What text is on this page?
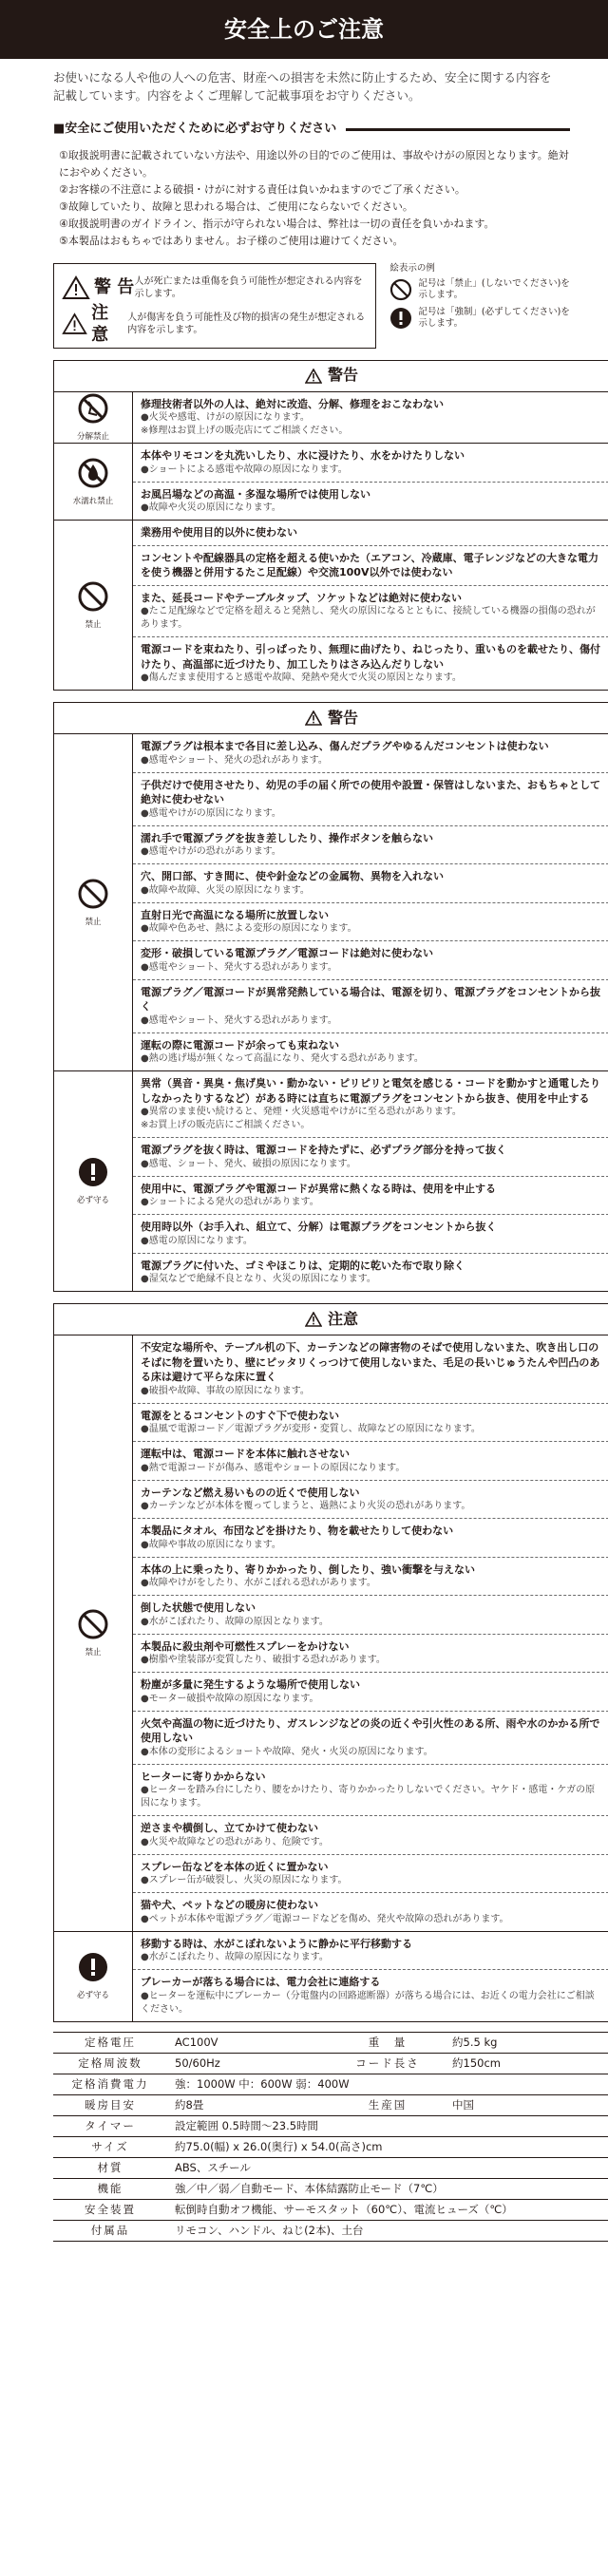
安全上のご注意
お使いになる人や他の人への危害、財産への損害を未然に防止するため、安全に関する内容を記載しています。内容をよくご理解して記載事項をお守りください。
■安全にご使用いただくために必ずお守りください
①取扱説明書に記載されていない方法や、用途以外の目的でのご使用は、事故やけがの原因となります。絶対におやめください。
②お客様の不注意による破損・けがに対する責任は負いかねますのでご了承ください。
③故障していたり、故障と思われる場合は、ご使用にならないでください。
④取扱説明書のガイドライン、指示が守られない場合は、弊社は一切の責任を負いかねます。
⑤本製品はおもちゃではありません。お子様のご使用は避けてください。
警 告 人が死亡または重傷を負う可能性が想定される内容を示します。
注 意
人が傷害を負う可能性及び物的損害の発生が想定される内容を示します。
絵表示の例
記号は「禁止」(しないでください)を示します。
記号は「強制」(必ずしてください)を示します。
警告
分解禁止
修理技術者以外の人は、絶対に改造、分解、修理をおこなわない
●火災や感電、けがの原因になります。
※修理はお買上げの販売店にてご相談ください。
水濡れ禁止
本体やリモコンを丸洗いしたり、水に浸けたり、水をかけたりしない
●ショートによる感電や故障の原因になります。
お風呂場などの高温・多湿な場所では使用しない
●故障や火災の原因になります。
禁止
業務用や使用目的以外に使わない
コンセントや配線器具の定格を超える使いかた（エアコン、冷蔵庫、電子レンジなどの大きな電力を使う機器と併用するたこ足配線）や交流100V以外では使わない
また、延長コードやテーブルタップ、ソケットなどは絶対に使わない
●たこ足配線などで定格を超えると発熱し、発火の原因になるとともに、接続している機器の損傷の恐れがあります。
電源コードを束ねたり、引っぱったり、無理に曲げたり、ねじったり、重いものを載せたり、傷付けたり、高温部に近づけたり、加工したりはさみ込んだりしない
●傷んだまま使用すると感電や故障、発熱や発火で火災の原因となります。
警告
禁止
電源プラグは根本まで各目に差し込み、傷んだプラグやゆるんだコンセントは使わない
●感電やショート、発火の恐れがあります。
子供だけで使用させたり、幼児の手の届く所での使用や設置・保管はしないまた、おもちゃとして絶対に使わせない
●感電やけがの原因になります。
濡れ手で電源プラグを抜き差ししたり、操作ボタンを触らない
●感電やけがの恐れがあります。
穴、開口部、すき間に、使や針金などの金属物、異物を入れない
●故障や故障、火災の原因になります。
直射日光で高温になる場所に放置しない
●故障や色あせ、熱による変形の原因になります。
変形・破損している電源プラグ／電源コードは絶対に使わない
●感電やショート、発火する恐れがあります。
電源プラグ／電源コードが異常発熱している場合は、電源を切り、電源プラグをコンセントから抜く
●感電やショート、発火する恐れがあります。
運転の際に電源コードが余っても束ねない
●熱の逃げ場が無くなって高温になり、発火する恐れがあります。
必ず守る
異常（異音・異臭・焦げ臭い・動かない・ピリピリと電気を感じる・コードを動かすと通電したりしなかったりするなど）がある時には直ちに電源プラグをコンセントから抜き、使用を中止する
●異常のまま使い続けると、発煙・火災感電やけがに至る恐れがあります。
※お買上げの販売店にご相談ください。
電源プラグを抜く時は、電源コードを持たずに、必ずプラグ部分を持って抜く
●感電、ショート、発火、破損の原因になります。
使用中に、電源プラグや電源コードが異常に熱くなる時は、使用を中止する
●ショートによる発火の恐れがあります。
使用時以外（お手入れ、組立て、分解）は電源プラグをコンセントから抜く
●感電の原因になります。
電源プラグに付いた、ゴミやほこりは、定期的に乾いた布で取り除く
●湿気などで絶縁不良となり、火災の原因になります。
注意
禁止
不安定な場所や、テーブル机の下、カーテンなどの障害物のそばで使用しないまた、吹き出し口のそばに物を置いたり、壁にピッタリくっつけて使用しないまた、毛足の長いじゅうたんや凹凸のある床は避けて平らな床に置く
●破損や故障、事故の原因になります。
電源をとるコンセントのすぐ下で使わない
●温風で電源コード／電源プラグが変形・変質し、故障などの原因になります。
運転中は、電源コードを本体に触れさせない
●熱で電源コードが傷み、感電やショートの原因になります。
カーテンなど燃え易いものの近くで使用しない
●カーテンなどが本体を覆ってしまうと、過熱により火災の恐れがあります。
本製品にタオル、布団などを掛けたり、物を載せたりして使わない
●故障や事故の原因になります。
本体の上に乗ったり、寄りかかったり、倒したり、強い衝撃を与えない
●故障やけがをしたり、水がこぼれる恐れがあります。
倒した状態で使用しない
●水がこぼれたり、故障の原因となります。
本製品に殺虫剤や可燃性スプレーをかけない
●樹脂や塗装部が変質したり、破損する恐れがあります。
粉塵が多量に発生するような場所で使用しない
●モーター破損や故障の原因になります。
火気や高温の物に近づけたり、ガスレンジなどの炎の近くや引火性のある所、雨や水のかかる所で使用しない
●本体の変形によるショートや故障、発火・火災の原因になります。
ヒーターに寄りかからない
●ヒーターを踏み台にしたり、腰をかけたり、寄りかかったりしないでください。ヤケド・感電・ケガの原因になります。
逆さまや横倒し、立てかけて使わない
●火災や故障などの恐れがあり、危険です。
スプレー缶などを本体の近くに置かない
●スプレー缶が破裂し、火災の原因になります。
猫や犬、ペットなどの暖房に使わない
●ペットが本体や電源プラグ／電源コードなどを傷め、発火や故障の恐れがあります。
必ず守る
移動する時は、水がこぼれないように静かに平行移動する
●水がこぼれたり、故障の原因になります。
ブレーカーが落ちる場合には、電力会社に連絡する
●ヒーターを運転中にブレーカー（分電盤内の回路遮断器）が落ちる場合には、お近くの電力会社にご相談ください。
定格電圧	AC100V	重　量	約5.5 kg
定格周波数	50/60Hz	コード長さ	約150cm
定格消費電力	強：1000W 中：600W 弱：400W
暖房目安	約8畳	生産国	中国
タイマー	設定範囲 0.5時間〜23.5時間
サイズ	約75.0(幅) x 26.0(奥行) x 54.0(高さ)cm
材質	ABS、スチール
機能	強／中／弱／自動モード、本体結露防止モード（7℃）
安全装置	転倒時自動オフ機能、サーモスタット（60℃）、電流ヒューズ（℃）
付属品	リモコン、ハンドル、ねじ(2本)、土台
